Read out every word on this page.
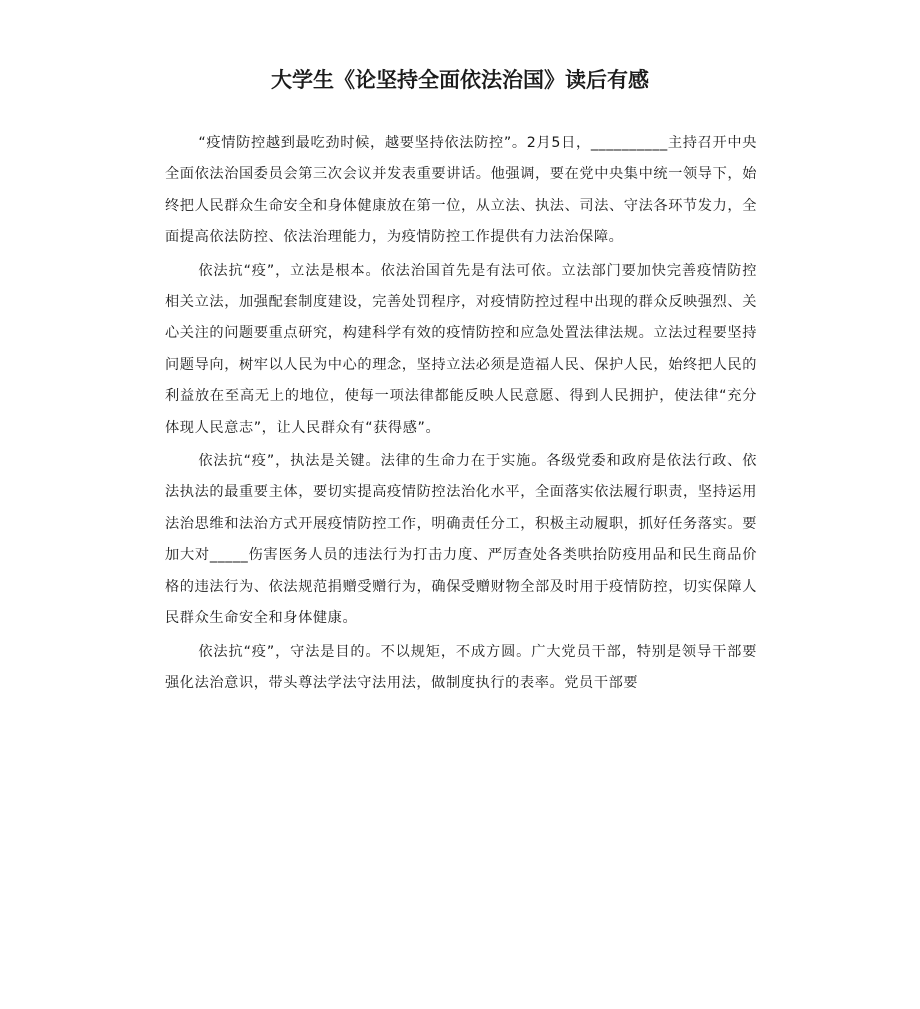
大学生《论坚持全面依法治国》读后有感

“疫情防控越到最吃劲时候，越要坚持依法防控”。2月5日，__________主持召开中央全面依法治国委员会第三次会议并发表重要讲话。他强调，要在党中央集中统一领导下，始终把人民群众生命安全和身体健康放在第一位，从立法、执法、司法、守法各环节发力，全面提高依法防控、依法治理能力，为疫情防控工作提供有力法治保障。

依法抗“疫”，立法是根本。依法治国首先是有法可依。立法部门要加快完善疫情防控相关立法，加强配套制度建设，完善处罚程序，对疫情防控过程中出现的群众反映强烈、关心关注的问题要重点研究，构建科学有效的疫情防控和应急处置法律法规。立法过程要坚持问题导向，树牢以人民为中心的理念，坚持立法必须是造福人民、保护人民，始终把人民的利益放在至高无上的地位，使每一项法律都能反映人民意愿、得到人民拥护，使法律“充分体现人民意志”，让人民群众有“获得感”。

依法抗“疫”，执法是关键。法律的生命力在于实施。各级党委和政府是依法行政、依法执法的最重要主体，要切实提高疫情防控法治化水平，全面落实依法履行职责，坚持运用法治思维和法治方式开展疫情防控工作，明确责任分工，积极主动履职，抓好任务落实。要加大对_____伤害医务人员的违法行为打击力度、严厉查处各类哄抬防疫用品和民生商品价格的违法行为、依法规范捐赠受赠行为，确保受赠财物全部及时用于疫情防控，切实保障人民群众生命安全和身体健康。

依法抗“疫”，守法是目的。不以规矩，不成方圆。广大党员干部，特别是领导干部要强化法治意识，带头尊法学法守法用法，做制度执行的表率。党员干部要
